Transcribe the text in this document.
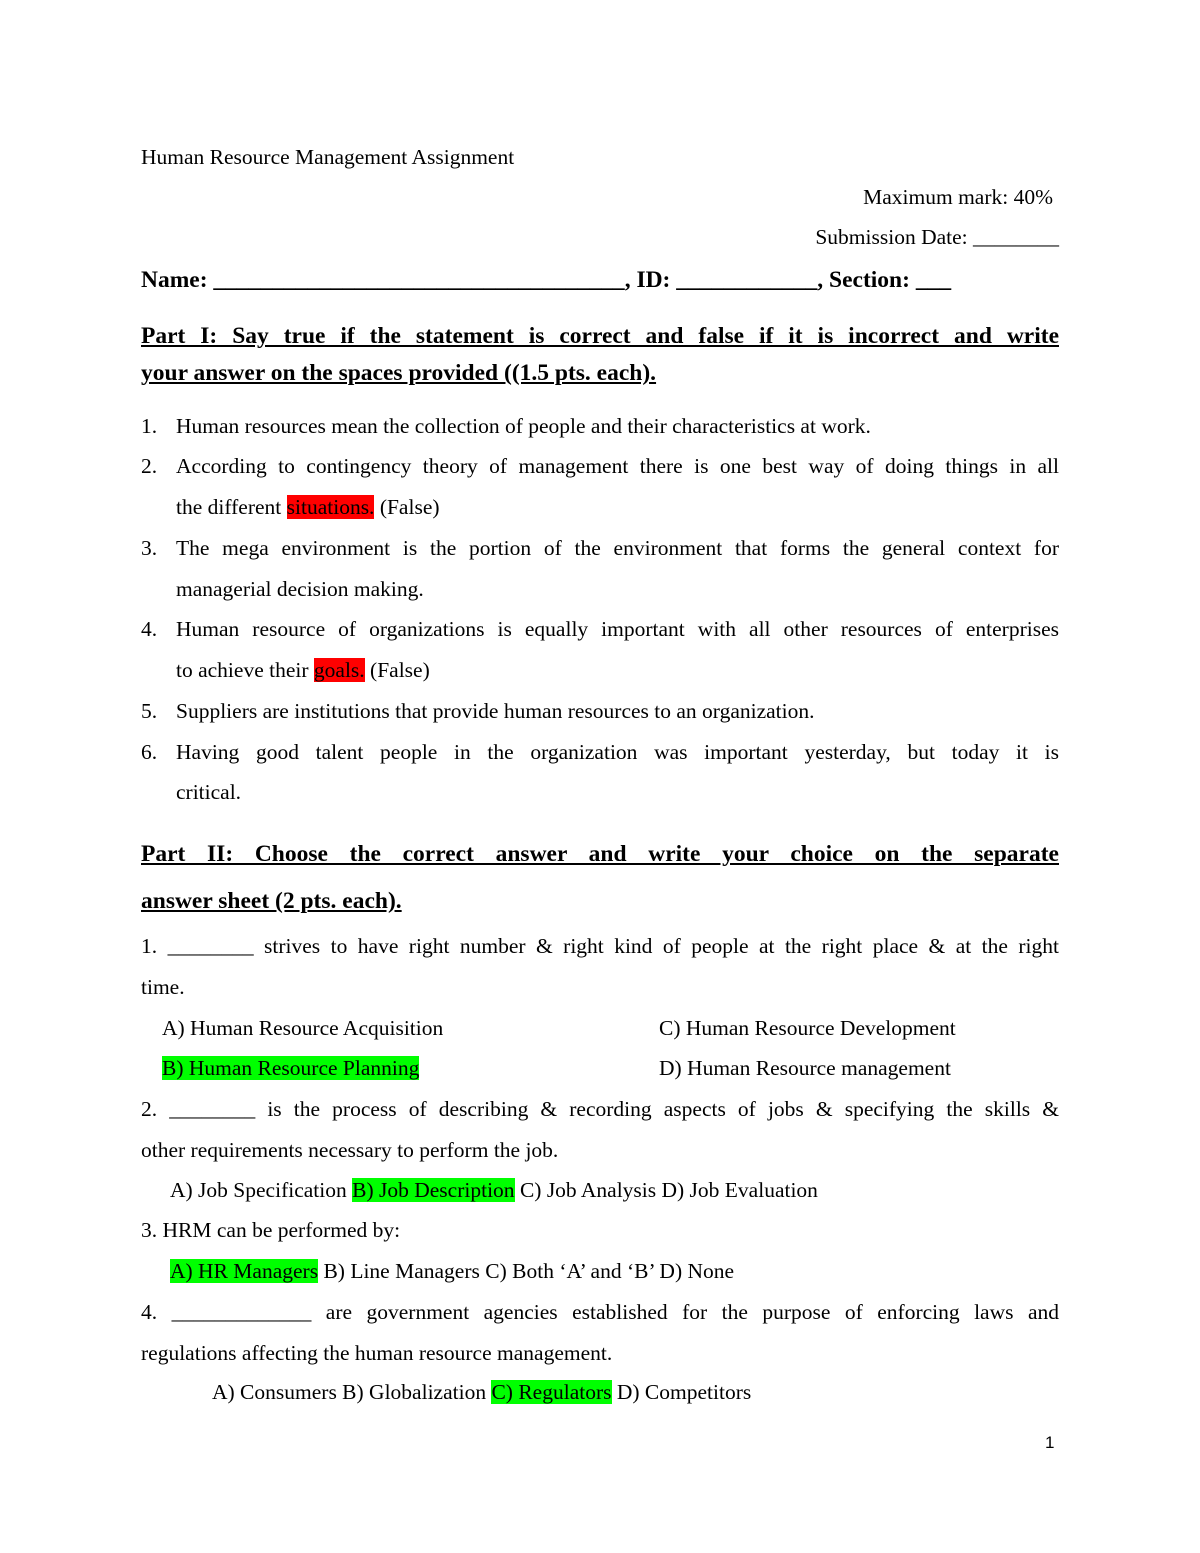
Human Resource Management Assignment
Maximum mark: 40%
Submission Date: ________
Name: ___________________________________, ID: ____________, Section: ___
Part I: Say true if the statement is correct and false if it is incorrect and write
your answer on the spaces provided ((1.5 pts. each).
1. Human resources mean the collection of people and their characteristics at work.
2. According to contingency theory of management there is one best way of doing things in all
the different situations. (False)
3. The mega environment is the portion of the environment that forms the general context for
managerial decision making.
4. Human resource of organizations is equally important with all other resources of enterprises
to achieve their goals. (False)
5. Suppliers are institutions that provide human resources to an organization.
6. Having good talent people in the organization was important yesterday, but today it is
critical.
Part II: Choose the correct answer and write your choice on the separate
answer sheet (2 pts. each).
1. ________ strives to have right number & right kind of people at the right place & at the right
time.
A) Human Resource Acquisition	C) Human Resource Development
B) Human Resource Planning	D) Human Resource management
2. ________ is the process of describing & recording aspects of jobs & specifying the skills &
other requirements necessary to perform the job.
A) Job Specification B) Job Description C) Job Analysis D) Job Evaluation
3. HRM can be performed by:
A) HR Managers B) Line Managers C) Both ‘A’ and ‘B’ D) None
4. _____________ are government agencies established for the purpose of enforcing laws and
regulations affecting the human resource management.
A) Consumers B) Globalization C) Regulators D) Competitors
1
